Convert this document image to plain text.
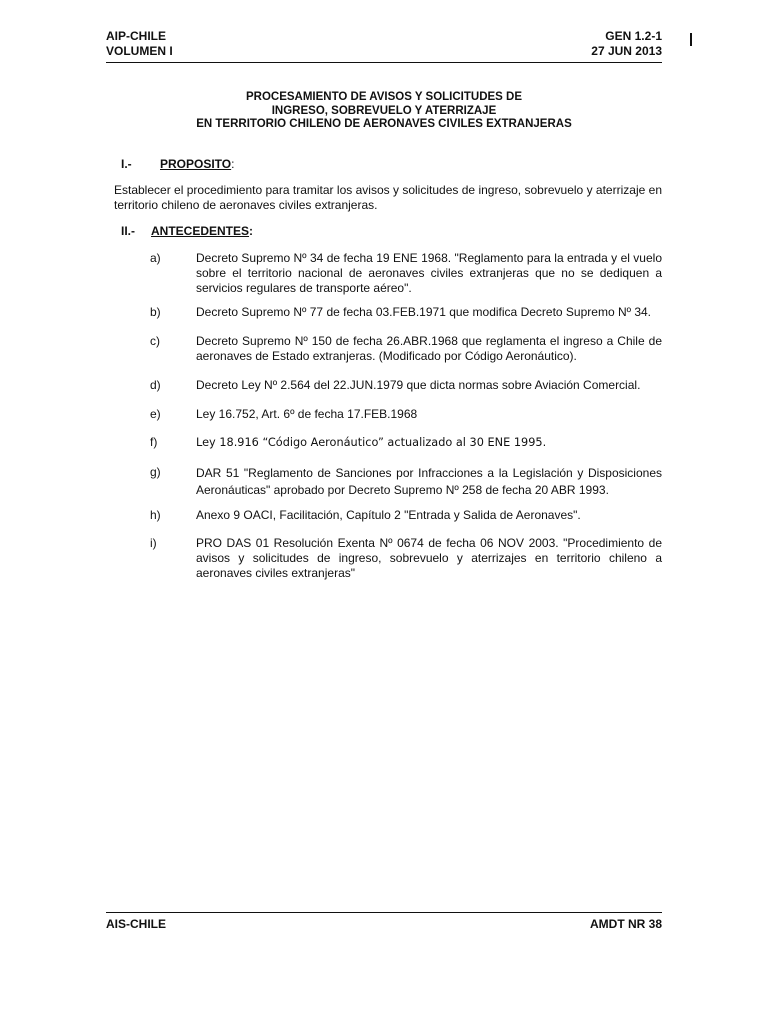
AIP-CHILE
VOLUMEN I
GEN 1.2-1
27 JUN 2013
PROCESAMIENTO DE AVISOS Y SOLICITUDES DE
INGRESO, SOBREVUELO Y ATERRIZAJE
EN TERRITORIO CHILENO DE AERONAVES CIVILES EXTRANJERAS
I.- PROPOSITO:
Establecer el procedimiento para tramitar los avisos y solicitudes de ingreso, sobrevuelo y aterrizaje en territorio chileno de aeronaves civiles extranjeras.
II.- ANTECEDENTES:
a)	Decreto Supremo Nº 34 de fecha 19 ENE 1968. "Reglamento para la entrada y el vuelo sobre el territorio nacional de aeronaves civiles extranjeras que no se dediquen a servicios regulares de transporte aéreo".
b)	Decreto Supremo Nº 77 de fecha 03.FEB.1971 que modifica Decreto Supremo Nº 34.
c)	Decreto Supremo Nº 150 de fecha 26.ABR.1968 que reglamenta el ingreso a Chile de aeronaves de Estado extranjeras. (Modificado por Código Aeronáutico).
d)	Decreto Ley Nº 2.564 del 22.JUN.1979 que dicta normas sobre Aviación Comercial.
e)	Ley 16.752, Art. 6º de fecha 17.FEB.1968
f)	Ley 18.916 “Código Aeronáutico” actualizado al 30 ENE 1995.
g)	DAR 51 "Reglamento de Sanciones por Infracciones a la Legislación y Disposiciones Aeronáuticas" aprobado por Decreto Supremo Nº 258 de fecha 20 ABR 1993.
h)	Anexo 9 OACI, Facilitación, Capítulo 2 "Entrada y Salida de Aeronaves".
i)	PRO DAS 01 Resolución Exenta Nº 0674 de fecha 06 NOV 2003. "Procedimiento de avisos y solicitudes de ingreso, sobrevuelo y aterrizajes en territorio chileno a aeronaves civiles extranjeras"
AIS-CHILE	AMDT NR 38
